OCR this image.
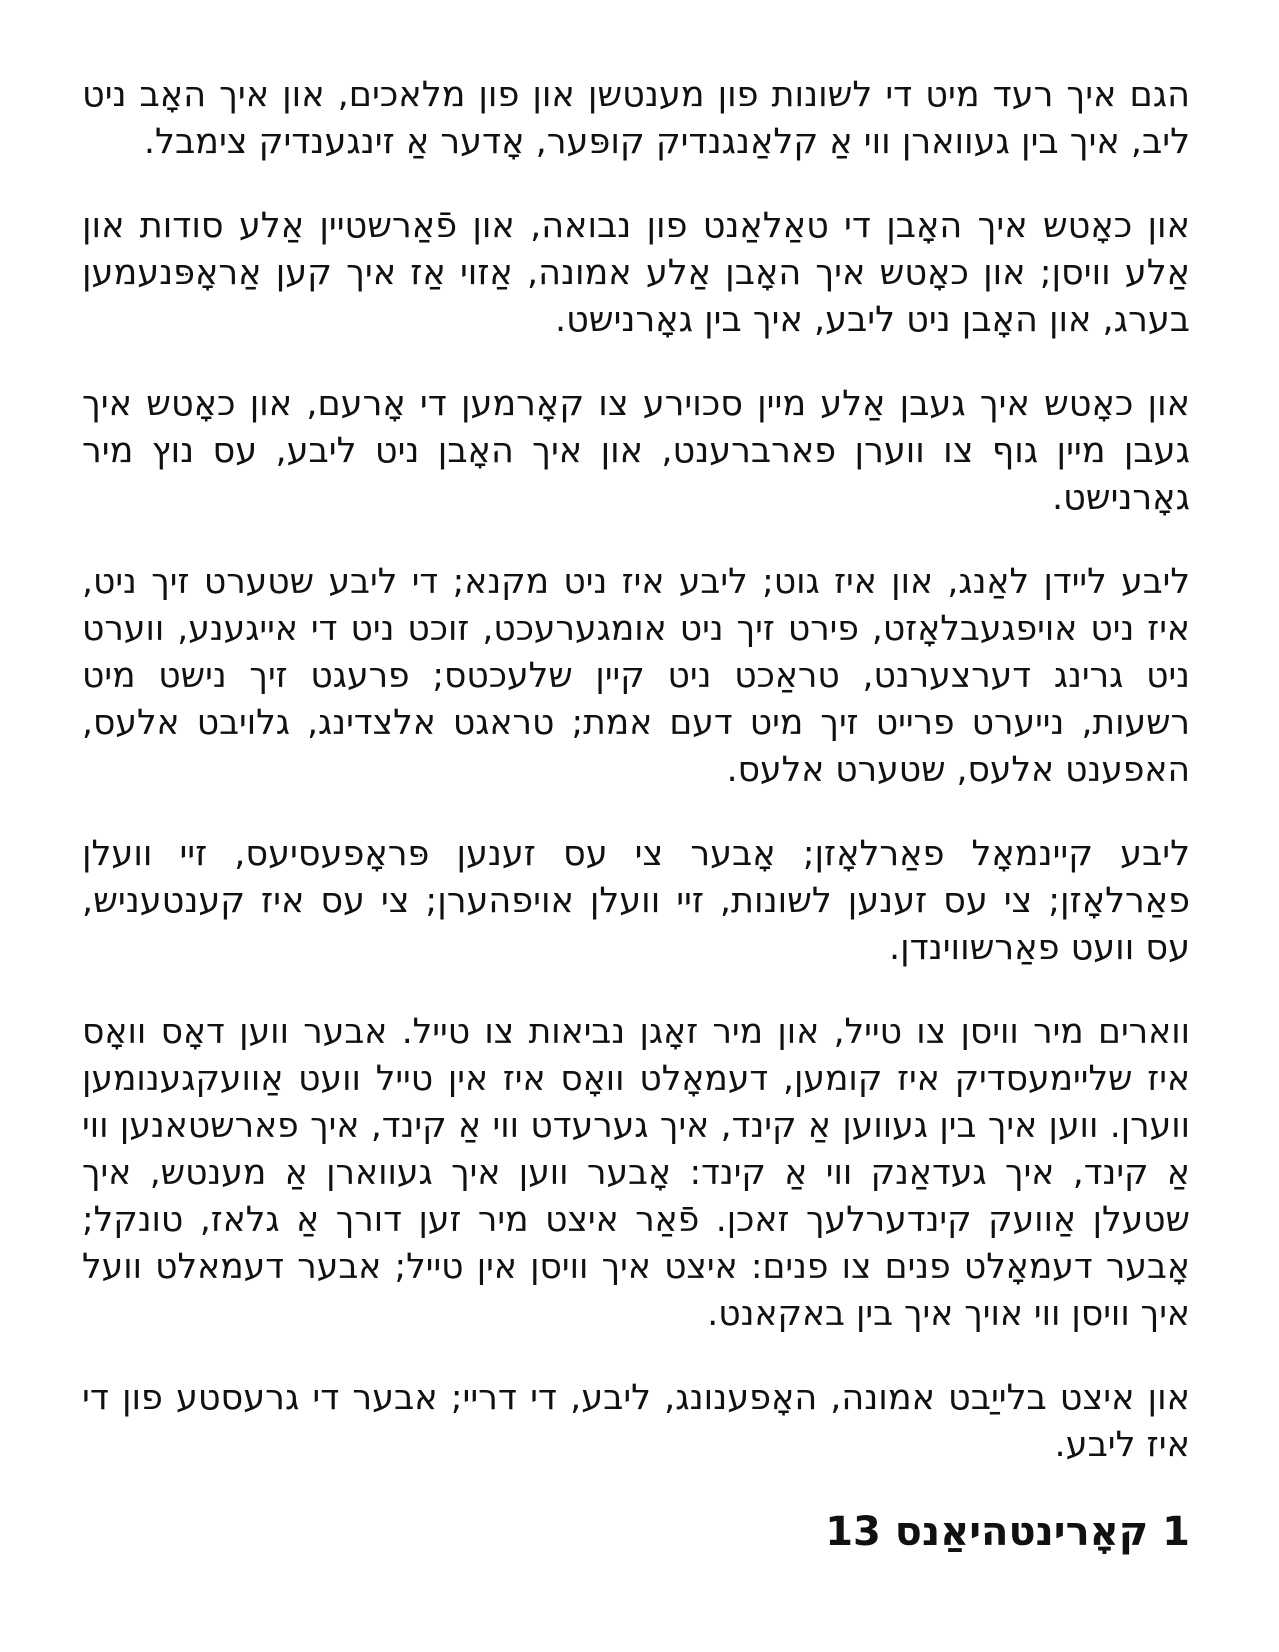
הגם איך רעד מיט די לשונות פון מענטשן און פון מלאכים, און איך האָב ניט ליב, איך בין געווארן ווי אַ קלאַנגנדיק קופּער, אָדער אַ זינגענדיק צימבל.

און כאָטש איך האָבן די טאַלאַנט פון נבואה, און פֿאַרשטיין אַלע סודות און אַלע וויסן; און כאָטש איך האָבן אַלע אמונה, אַזוי אַז איך קען אַראָפּנעמען בערג, און האָבן ניט ליבע, איך בין גאָרנישט.

און כאָטש איך געבן אַלע מיין סכוירע צו קאָרמען די אָרעם, און כאָטש איך געבן מיין גוף צו ווערן פארברענט, און איך האָבן ניט ליבע, עס נוץ מיר גאָרנישט.

ליבע ליידן לאַנג, און איז גוט; ליבע איז ניט מקנא; די ליבע שטערט זיך ניט, איז ניט אויפגעבלאָזט, פירט זיך ניט אומגערעכט, זוכט ניט די אייגענע, ווערט ניט גרינג דערצערנט, טראַכט ניט קיין שלעכטס; פרעגט זיך נישט מיט רשעות, נייערט פרייט זיך מיט דעם אמת; טראגט אלצדינג, גלויבט אלעס, האפענט אלעס, שטערט אלעס.

ליבע קיינמאָל פאַרלאָזן; אָבער צי עס זענען פּראָפעסיעס, זיי וועלן פאַרלאָזן; צי עס זענען לשונות, זיי וועלן אויפהערן; צי עס איז קענטעניש, עס וועט פאַרשווינדן.

ווארים מיר וויסן צו טייל, און מיר זאָגן נביאות צו טייל. אבער ווען דאָס וואָס איז שליימעסדיק איז קומען, דעמאָלט וואָס איז אין טייל וועט אַוועקגענומען ווערן. ווען איך בין געווען אַ קינד, איך גערעדט ווי אַ קינד, איך פארשטאנען ווי אַ קינד, איך געדאַנק ווי אַ קינד: אָבער ווען איך געווארן אַ מענטש, איך שטעלן אַוועק קינדערלעך זאכן. פֿאַר איצט מיר זען דורך אַ גלאז, טונקל; אָבער דעמאָלט פנים צו פנים: איצט איך וויסן אין טייל; אבער דעמאלט וועל איך וויסן ווי אויך איך בין באקאנט.

און איצט בלייַבט אמונה, האָפענונג, ליבע, די דריי; אבער די גרעסטע פון די איז ליבע.

1 קאָרינטהיאַנס 13
